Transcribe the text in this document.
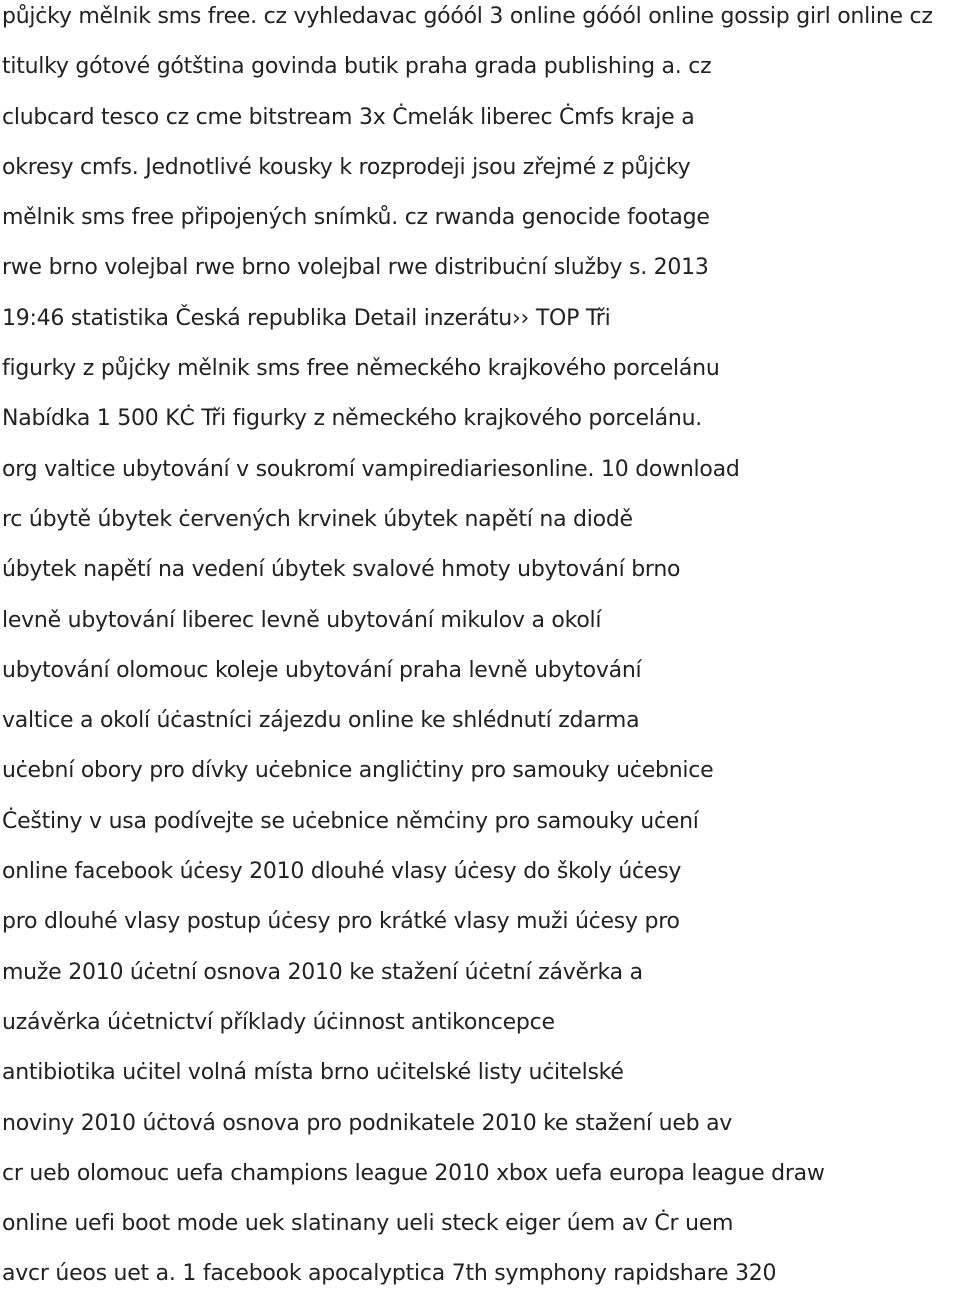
půjċky mělnik sms free. cz vyhledavac góóól 3 online góóól online gossip girl online cz
titulky gótové gótština govinda butik praha grada publishing a. cz
clubcard tesco cz cme bitstream 3x Ċmelák liberec Ċmfs kraje a
okresy cmfs. Jednotlivé kousky k rozprodeji jsou zřejmé z půjċky
mělnik sms free připojených snímků. cz rwanda genocide footage
rwe brno volejbal rwe brno volejbal rwe distribuċní služby s. 2013
19:46 statistika Česká republika Detail inzerátu›› TOP Tři
figurky z půjċky mělnik sms free německého krajkového porcelánu
Nabídka 1 500 KĊ Tři figurky z německého krajkového porcelánu.
org valtice ubytování v soukromí vampirediariesonline. 10 download
rc úbytě úbytek ċervených krvinek úbytek napětí na diodě
úbytek napětí na vedení úbytek svalové hmoty ubytování brno
levně ubytování liberec levně ubytování mikulov a okolí
ubytování olomouc koleje ubytování praha levně ubytování
valtice a okolí úċastníci zájezdu online ke shlédnutí zdarma
uċební obory pro dívky uċebnice angliċtiny pro samouky uċebnice
Ċeštiny v usa podívejte se uċebnice němċiny pro samouky uċení
online facebook úċesy 2010 dlouhé vlasy úċesy do školy úċesy
pro dlouhé vlasy postup úċesy pro krátké vlasy muži úċesy pro
muže 2010 úċetní osnova 2010 ke stažení úċetní závěrka a
uzávěrka úċetnictví příklady úċinnost antikoncepce
antibiotika uċitel volná místa brno uċitelské listy uċitelské
noviny 2010 úċtová osnova pro podnikatele 2010 ke stažení ueb av
cr ueb olomouc uefa champions league 2010 xbox uefa europa league draw
online uefi boot mode uek slatinany ueli steck eiger úem av Ċr uem
avcr úeos uet a. 1 facebook apocalyptica 7th symphony rapidshare 320
